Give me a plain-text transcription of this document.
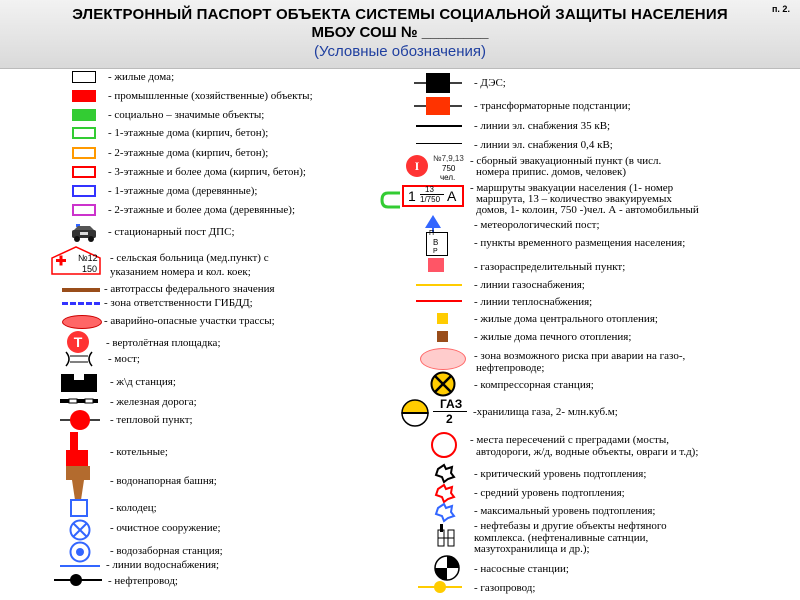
ЭЛЕКТРОННЫЙ ПАСПОРТ ОБЪЕКТА СИСТЕМЫ СОЦИАЛЬНОЙ ЗАЩИТЫ НАСЕЛЕНИЯ
МБОУ СОШ № ________
(Условные обозначения)
п. 2.
- жилые дома;
- промышленные (хозяйственные) объекты;
- социально – значимые объекты;
- 1-этажные дома (кирпич, бетон);
- 2-этажные дома (кирпич, бетон);
- 3-этажные и более дома (кирпич, бетон);
- 1-этажные дома (деревянные);
- 2-этажные и более дома (деревянные);
- стационарный пост ДПС;
№12
150
- сельская больница (мед.пункт) с
указанием номера и кол. коек;
- автотрассы федерального значения
- зона ответственности ГИБДД;
- аварийно-опасные участки трассы;
Т	- вертолётная площадка;
- мост;
- ж\д станция;
- железная дорога;
- тепловой пункт;
- котельные;
- водонапорная башня;
- колодец;
- очистное сооружение;
- водозаборная станция;
- линии водоснабжения;
- нефтепровод;
- ДЭС;
- трансформаторные подстанции;
- линии эл. снабжения 35 кВ;
- линии эл. снабжения 0,4 кВ;
I
№7,9,13
750
чел.
- сборный эвакуационный пункт (в числ.
номера припис. домов, человек)
1 13
1/750 А - маршруты эвакуации населения (1- номер
маршрута, 13 – количество эвакуируемых
домов, 1- колоин, 750 -)чел. А - автомобильный
- метеорологический пост;
П
В
Р
- пункты временного размещения населения;
- газораспределительный пункт;
- линии газоснабжения;
- линии теплоснабжения;
- жилые дома центрального отопления;
- жилые дома печного отопления;
- зона возможного риска при аварии на газо-,
нефтепроводе;
- компрессорная станция;
ГАЗ
2 -хранилища газа, 2- млн.куб.м;
- места пересечений с преградами (мосты,
автодороги, ж/д, водные объекты, овраги и т.д);
- критический уровень подтопления;
- средний уровень подтопления;
- максимальный уровень подтопления;
- нефтебазы и другие объекты нефтяного
комплекса. (нефтеналивные сатнции,
мазутохранилища и др.);
- насосные станции;
- газопровод;
